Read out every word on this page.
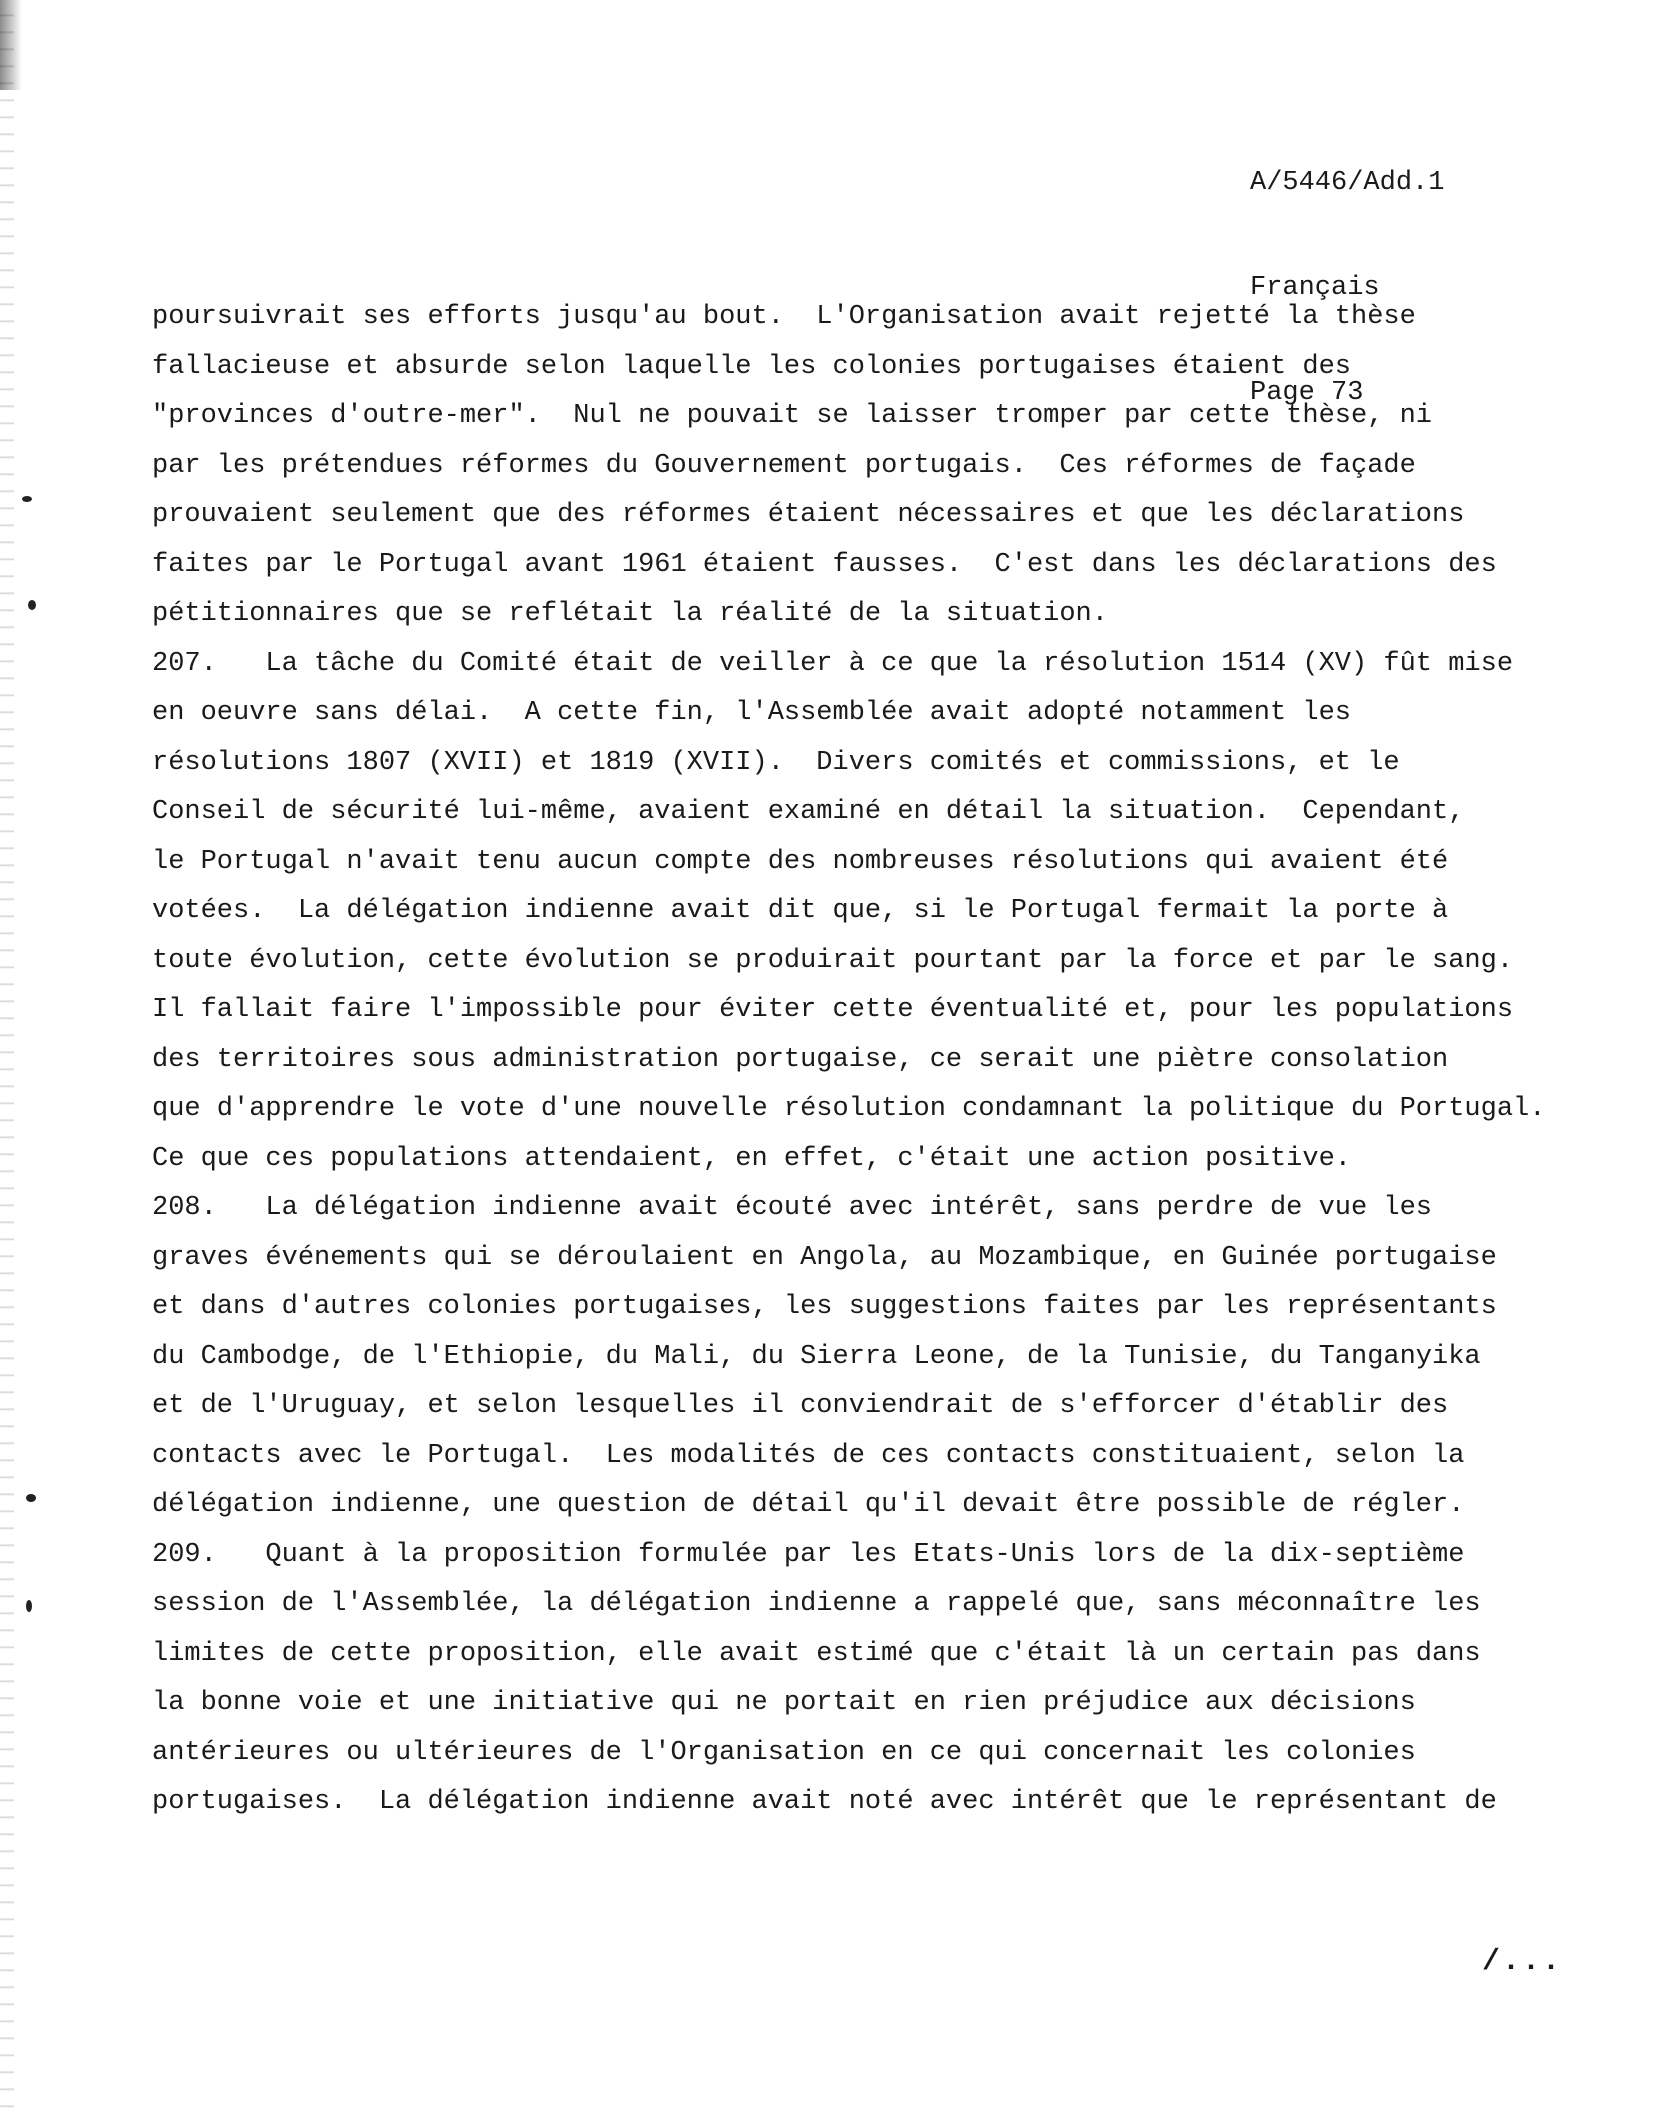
A/5446/Add.1

Français

Page 73

poursuivrait ses efforts jusqu'au bout.  L'Organisation avait rejetté la thèse
fallacieuse et absurde selon laquelle les colonies portugaises étaient des
"provinces d'outre-mer".  Nul ne pouvait se laisser tromper par cette thèse, ni
par les prétendues réformes du Gouvernement portugais.  Ces réformes de façade
prouvaient seulement que des réformes étaient nécessaires et que les déclarations
faites par le Portugal avant 1961 étaient fausses.  C'est dans les déclarations des
pétitionnaires que se reflétait la réalité de la situation.
207.   La tâche du Comité était de veiller à ce que la résolution 1514 (XV) fût mise
en oeuvre sans délai.  A cette fin, l'Assemblée avait adopté notamment les
résolutions 1807 (XVII) et 1819 (XVII).  Divers comités et commissions, et le
Conseil de sécurité lui-même, avaient examiné en détail la situation.  Cependant,
le Portugal n'avait tenu aucun compte des nombreuses résolutions qui avaient été
votées.  La délégation indienne avait dit que, si le Portugal fermait la porte à
toute évolution, cette évolution se produirait pourtant par la force et par le sang.
Il fallait faire l'impossible pour éviter cette éventualité et, pour les populations
des territoires sous administration portugaise, ce serait une piètre consolation
que d'apprendre le vote d'une nouvelle résolution condamnant la politique du Portugal.
Ce que ces populations attendaient, en effet, c'était une action positive.
208.   La délégation indienne avait écouté avec intérêt, sans perdre de vue les
graves événements qui se déroulaient en Angola, au Mozambique, en Guinée portugaise
et dans d'autres colonies portugaises, les suggestions faites par les représentants
du Cambodge, de l'Ethiopie, du Mali, du Sierra Leone, de la Tunisie, du Tanganyika
et de l'Uruguay, et selon lesquelles il conviendrait de s'efforcer d'établir des
contacts avec le Portugal.  Les modalités de ces contacts constituaient, selon la
délégation indienne, une question de détail qu'il devait être possible de régler.
209.   Quant à la proposition formulée par les Etats-Unis lors de la dix-septième
session de l'Assemblée, la délégation indienne a rappelé que, sans méconnaître les
limites de cette proposition, elle avait estimé que c'était là un certain pas dans
la bonne voie et une initiative qui ne portait en rien préjudice aux décisions
antérieures ou ultérieures de l'Organisation en ce qui concernait les colonies
portugaises.  La délégation indienne avait noté avec intérêt que le représentant de
/...
